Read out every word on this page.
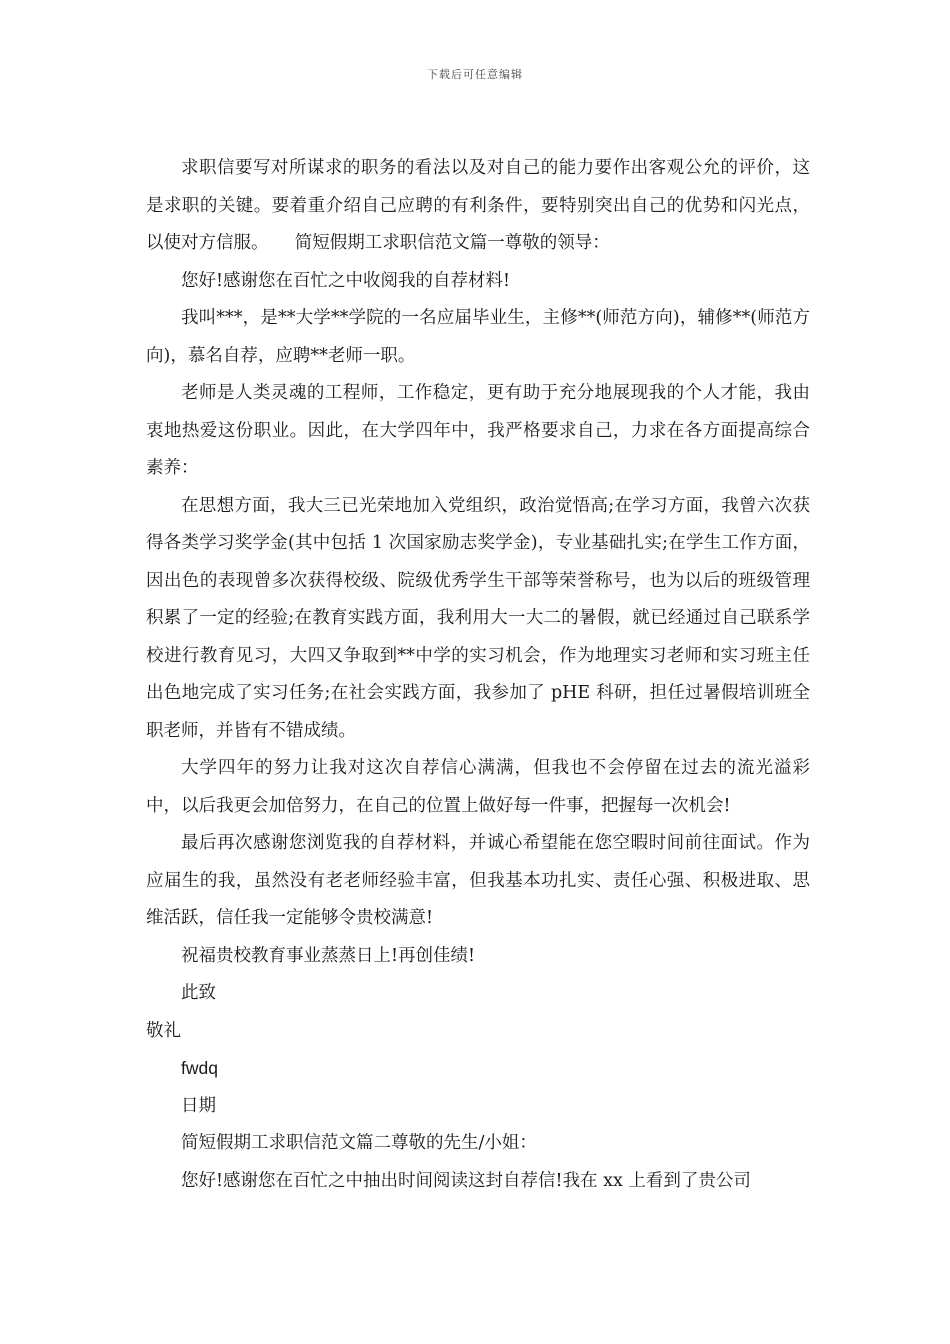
下载后可任意编辑

求职信要写对所谋求的职务的看法以及对自己的能力要作出客观公允的评价，这是求职的关键。要着重介绍自己应聘的有利条件，要特别突出自己的优势和闪光点，以使对方信服。　　简短假期工求职信范文篇一尊敬的领导：

您好!感谢您在百忙之中收阅我的自荐材料!

我叫***，是**大学**学院的一名应届毕业生，主修**(师范方向)，辅修**(师范方向)，慕名自荐，应聘**老师一职。

老师是人类灵魂的工程师，工作稳定，更有助于充分地展现我的个人才能，我由衷地热爱这份职业。因此，在大学四年中，我严格要求自己，力求在各方面提高综合素养：

在思想方面，我大三已光荣地加入党组织，政治觉悟高;在学习方面，我曾六次获得各类学习奖学金(其中包括 1 次国家励志奖学金)，专业基础扎实;在学生工作方面，因出色的表现曾多次获得校级、院级优秀学生干部等荣誉称号，也为以后的班级管理积累了一定的经验;在教育实践方面，我利用大一大二的暑假，就已经通过自己联系学校进行教育见习，大四又争取到**中学的实习机会，作为地理实习老师和实习班主任出色地完成了实习任务;在社会实践方面，我参加了 pHE 科研，担任过暑假培训班全职老师，并皆有不错成绩。

大学四年的努力让我对这次自荐信心满满，但我也不会停留在过去的流光溢彩中，以后我更会加倍努力，在自己的位置上做好每一件事，把握每一次机会!

最后再次感谢您浏览我的自荐材料，并诚心希望能在您空暇时间前往面试。作为应届生的我，虽然没有老老师经验丰富，但我基本功扎实、责任心强、积极进取、思维活跃，信任我一定能够令贵校满意!

祝福贵校教育事业蒸蒸日上!再创佳绩!

此致

敬礼

fwdq

日期

简短假期工求职信范文篇二尊敬的先生/小姐：

您好!感谢您在百忙之中抽出时间阅读这封自荐信!我在 xx 上看到了贵公司
